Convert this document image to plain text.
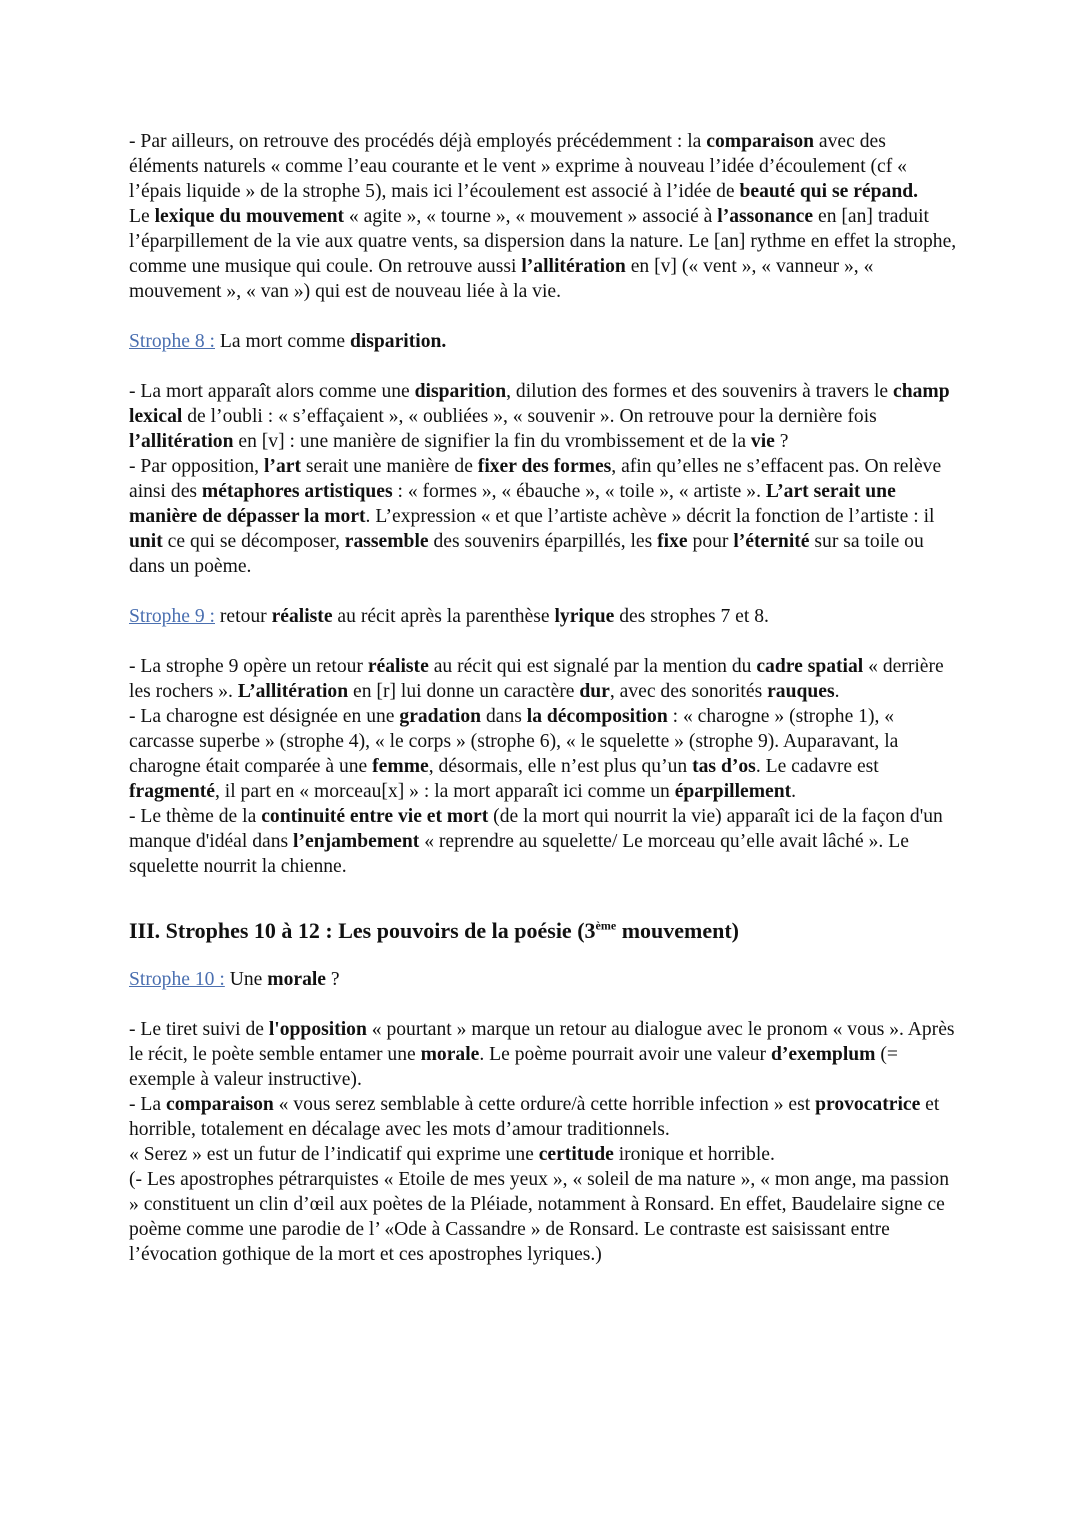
- Par ailleurs, on retrouve des procédés déjà employés précédemment : la comparaison avec des éléments naturels « comme l’eau courante et le vent » exprime à nouveau l’idée d’écoulement (cf « l’épais liquide » de la strophe 5), mais ici l’écoulement est associé à l’idée de beauté qui se répand.

Le lexique du mouvement « agite », « tourne », « mouvement » associé à l’assonance en [an] traduit l’éparpillement de la vie aux quatre vents, sa dispersion dans la nature. Le [an] rythme en effet la strophe, comme une musique qui coule. On retrouve aussi l’allitération en [v] (« vent », « vanneur », « mouvement », « van ») qui est de nouveau liée à la vie.

Strophe 8 : La mort comme disparition.

- La mort apparaît alors comme une disparition, dilution des formes et des souvenirs à travers le champ lexical de l’oubli : « s’effaçaient », « oubliées », « souvenir ». On retrouve pour la dernière fois l’allitération en [v] : une manière de signifier la fin du vrombissement et de la vie ?

- Par opposition, l’art serait une manière de fixer des formes, afin qu’elles ne s’effacent pas. On relève ainsi des métaphores artistiques : « formes », « ébauche », « toile », « artiste ». L’art serait une manière de dépasser la mort. L’expression « et que l’artiste achève » décrit la fonction de l’artiste : il unit ce qui se décomposer, rassemble des souvenirs éparpillés, les fixe pour l’éternité sur sa toile ou dans un poème.

Strophe 9 : retour réaliste au récit après la parenthèse lyrique des strophes 7 et 8.

- La strophe 9 opère un retour réaliste au récit qui est signalé par la mention du cadre spatial « derrière les rochers ». L’allitération en [r] lui donne un caractère dur, avec des sonorités rauques.

- La charogne est désignée en une gradation dans la décomposition : « charogne » (strophe 1), « carcasse superbe » (strophe 4), « le corps » (strophe 6), « le squelette » (strophe 9). Auparavant, la charogne était comparée à une femme, désormais, elle n’est plus qu’un tas d’os. Le cadavre est fragmenté, il part en « morceau[x] » : la mort apparaît ici comme un éparpillement.

- Le thème de la continuité entre vie et mort (de la mort qui nourrit la vie) apparaît ici de la façon d'un manque d'idéal dans l’enjambement « reprendre au squelette/ Le morceau qu’elle avait lâché ». Le squelette nourrit la chienne.

III. Strophes 10 à 12 : Les pouvoirs de la poésie (3ème mouvement)

Strophe 10 : Une morale ?

- Le tiret suivi de l'opposition « pourtant » marque un retour au dialogue avec le pronom « vous ». Après le récit, le poète semble entamer une morale. Le poème pourrait avoir une valeur d’exemplum (= exemple à valeur instructive).

- La comparaison « vous serez semblable à cette ordure/à cette horrible infection » est provocatrice et horrible, totalement en décalage avec les mots d’amour traditionnels.

« Serez » est un futur de l’indicatif qui exprime une certitude ironique et horrible.

(- Les apostrophes pétrarquistes « Etoile de mes yeux », « soleil de ma nature », « mon ange, ma passion » constituent un clin d’œil aux poètes de la Pléiade, notamment à Ronsard. En effet, Baudelaire signe ce poème comme une parodie de l’ «Ode à Cassandre » de Ronsard. Le contraste est saisissant entre l’évocation gothique de la mort et ces apostrophes lyriques.)
